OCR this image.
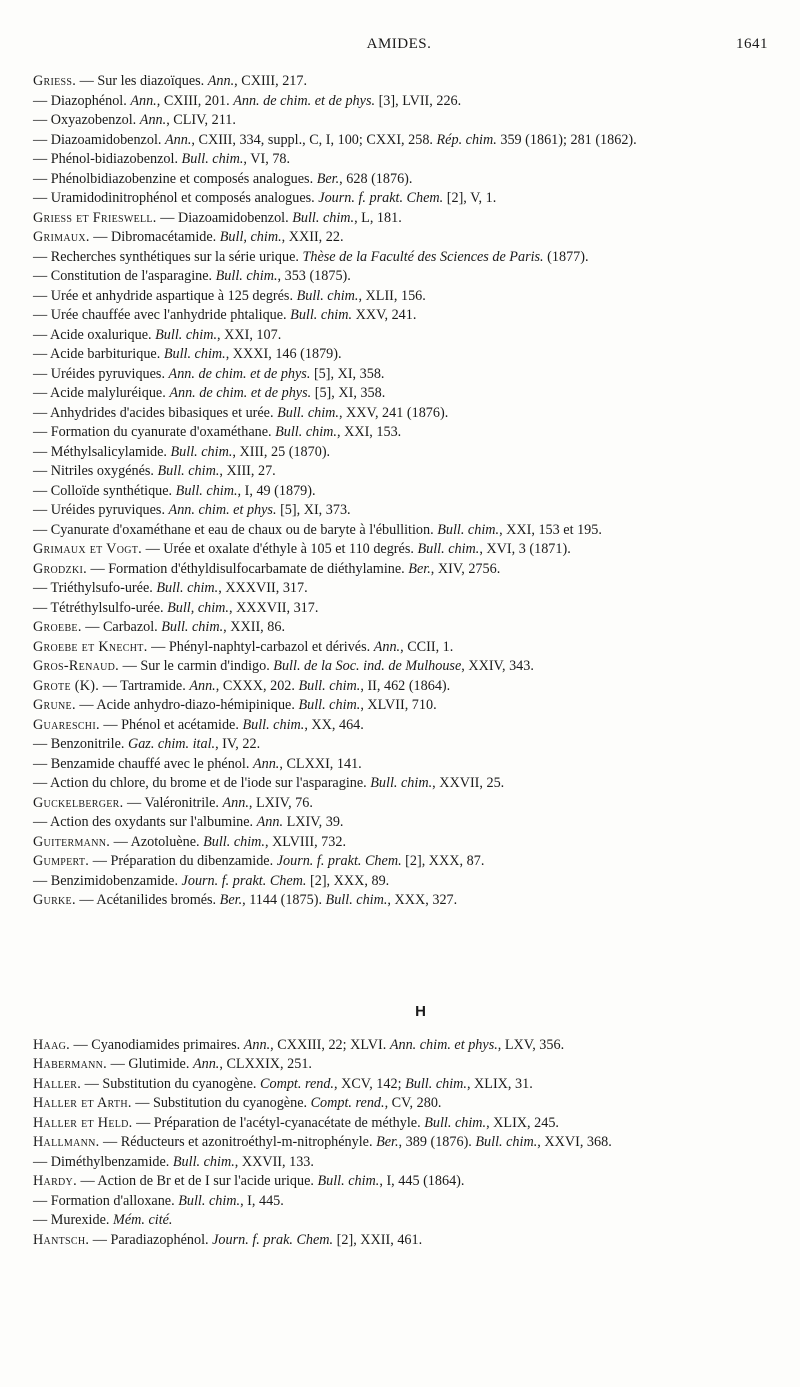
AMIDES.	1641
Griess. — Sur les diazoïques. Ann., CXIII, 217.
— Diazophénol. Ann., CXIII, 201. Ann. de chim. et de phys. [3], LVII, 226.
— Oxyazobenzol. Ann., CLIV, 211.
— Diazoamidobenzol. Ann., CXIII, 334, suppl., C, I, 100; CXXI, 258. Rép. chim. 359 (1861); 281 (1862).
— Phénol-bidiazobenzol. Bull. chim., VI, 78.
— Phénolbidiazobenzine et composés analogues. Ber., 628 (1876).
— Uramidodinitrophénol et composés analogues. Journ. f. prakt. Chem. [2], V, 1.
Griess et Frieswell. — Diazoamidobenzol. Bull. chim., L, 181.
Grimaux. — Dibromacétamide. Bull, chim., XXII, 22.
— Recherches synthétiques sur la série urique. Thèse de la Faculté des Sciences de Paris. (1877).
— Constitution de l'asparagine. Bull. chim., 353 (1875).
— Urée et anhydride aspartique à 125 degrés. Bull. chim., XLII, 156.
— Urée chauffée avec l'anhydride phtalique. Bull. chim. XXV, 241.
— Acide oxalurique. Bull. chim., XXI, 107.
— Acide barbiturique. Bull. chim., XXXI, 146 (1879).
— Uréides pyruviques. Ann. de chim. et de phys. [5], XI, 358.
— Acide malyluréique. Ann. de chim. et de phys. [5], XI, 358.
— Anhydrides d'acides bibasiques et urée. Bull. chim., XXV, 241 (1876).
— Formation du cyanurate d'oxaméthane. Bull. chim., XXI, 153.
— Méthylsalicylamide. Bull. chim., XIII, 25 (1870).
— Nitriles oxygénés. Bull. chim., XIII, 27.
— Colloïde synthétique. Bull. chim., I, 49 (1879).
— Uréides pyruviques. Ann. chim. et phys. [5], XI, 373.
— Cyanurate d'oxaméthane et eau de chaux ou de baryte à l'ébullition. Bull. chim., XXI, 153 et 195.
Grimaux et Vogt. — Urée et oxalate d'éthyle à 105 et 110 degrés. Bull. chim., XVI, 3 (1871).
Grodzki. — Formation d'éthyldisulfocarbamate de diéthylamine. Ber., XIV, 2756.
— Triéthylsufo-urée. Bull. chim., XXXVII, 317.
— Tétréthylsulfo-urée. Bull, chim., XXXVII, 317.
Groebe. — Carbazol. Bull. chim., XXII, 86.
Groebe et Knecht. — Phényl-naphtyl-carbazol et dérivés. Ann., CCII, 1.
Gros-Renaud. — Sur le carmin d'indigo. Bull. de la Soc. ind. de Mulhouse, XXIV, 343.
Grote (K). — Tartramide. Ann., CXXX, 202. Bull. chim., II, 462 (1864).
Grune. — Acide anhydro-diazo-hémipinique. Bull. chim., XLVII, 710.
Guareschi. — Phénol et acétamide. Bull. chim., XX, 464.
— Benzonitrile. Gaz. chim. ital., IV, 22.
— Benzamide chauffé avec le phénol. Ann., CLXXI, 141.
— Action du chlore, du brome et de l'iode sur l'asparagine. Bull. chim., XXVII, 25.
Guckelberger. — Valéronitrile. Ann., LXIV, 76.
— Action des oxydants sur l'albumine. Ann. LXIV, 39.
Guitermann. — Azotoluène. Bull. chim., XLVIII, 732.
Gumpert. — Préparation du dibenzamide. Journ. f. prakt. Chem. [2], XXX, 87.
— Benzimidobenzamide. Journ. f. prakt. Chem. [2], XXX, 89.
Gurke. — Acétanilides bromés. Ber., 1144 (1875). Bull. chim., XXX, 327.
H
Haag. — Cyanodiamides primaires. Ann., CXXIII, 22; XLVI. Ann. chim. et phys., LXV, 356.
Habermann. — Glutimide. Ann., CLXXIX, 251.
Haller. — Substitution du cyanogène. Compt. rend., XCV, 142; Bull. chim., XLIX, 31.
Haller et Arth. — Substitution du cyanogène. Compt. rend., CV, 280.
Haller et Held. — Préparation de l'acétyl-cyanacétate de méthyle. Bull. chim., XLIX, 245.
Hallmann. — Réducteurs et azonitroéthyl-m-nitrophényle. Ber., 389 (1876). Bull. chim., XXVI, 368.
— Diméthylbenzamide. Bull. chim., XXVII, 133.
Hardy. — Action de Br et de I sur l'acide urique. Bull. chim., I, 445 (1864).
— Formation d'alloxane. Bull. chim., I, 445.
— Murexide. Mém. cité.
Hantsch. — Paradiazophénol. Journ. f. prak. Chem. [2], XXII, 461.
